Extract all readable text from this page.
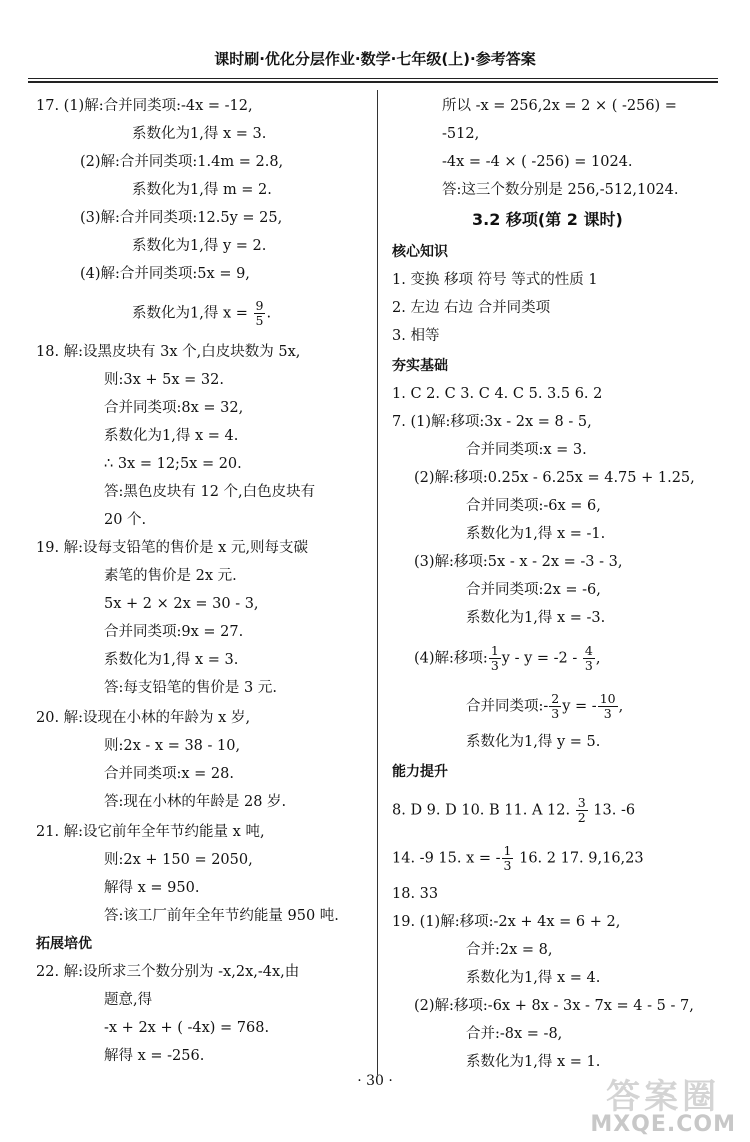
课时刷·优化分层作业·数学·七年级(上)·参考答案
17. (1)解:合并同类项:-4x = -12,
系数化为1,得 x = 3.
(2)解:合并同类项:1.4m = 2.8,
系数化为1,得 m = 2.
(3)解:合并同类项:12.5y = 25,
系数化为1,得 y = 2.
(4)解:合并同类项:5x = 9,
系数化为1,得 $x = \frac{9}{5}$ .
18. 解:设黑皮块有 3x 个,白皮块数为 5x,
则:3x + 5x = 32.
合并同类项:8x = 32,
系数化为1,得 x = 4.
∴ 3x = 12;5x = 20.
答:黑色皮块有 12 个,白色皮块有
20 个.
19. 解:设每支铅笔的售价是 x 元,则每支碳
素笔的售价是 2x 元.
5x + 2 × 2x = 30 - 3,
合并同类项:9x = 27.
系数化为1,得 x = 3.
答:每支铅笔的售价是 3 元.
20. 解:设现在小林的年龄为 x 岁,
则:2x - x = 38 - 10,
合并同类项:x = 28.
答:现在小林的年龄是 28 岁.
21. 解:设它前年全年节约能量 x 吨,
则:2x + 150 = 2050,
解得 x = 950.
答:该工厂前年全年节约能量 950 吨.
拓展培优
22. 解:设所求三个数分别为 -x,2x,-4x,由
题意,得
-x + 2x + ( -4x) = 768.
解得 x = -256.
所以 -x = 256,2x = 2 × ( -256) =
-512,
-4x = -4 × ( -256) = 1024.
答:这三个数分别是 256,-512,1024.
3.2 移项(第 2 课时)
核心知识
1. 变换 移项 符号 等式的性质 1
2. 左边 右边 合并同类项
3. 相等
夯实基础
1. C 2. C 3. C 4. C 5. 3.5 6. 2
7. (1)解:移项:3x - 2x = 8 - 5,
合并同类项:x = 3.
(2)解:移项:0.25x - 6.25x = 4.75 + 1.25,
合并同类项:-6x = 6,
系数化为1,得 x = -1.
(3)解:移项:5x - x - 2x = -3 - 3,
合并同类项:2x = -6,
系数化为1,得 x = -3.
(4)解:移项: $\frac{1}{3}$ $y - y = -2 - \frac{4}{3}$ ,
合并同类项:- $\frac{2}{3}$ y = - $\frac{10}{3}$ ,
系数化为1,得 y = 5.
能力提升
8. D 9. D 10. B 11. A 12. $\frac{3}{2} 13$. -6
14. -9 15. x = - $\frac{1}{3} 16$. 2 17. 9,16,23
18. 33
19. (1)解:移项:-2x + 4x = 6 + 2,
合并:2x = 8,
系数化为1,得 x = 4.
(2)解:移项:-6x + 8x - 3x - 7x = 4 - 5 - 7,
合并:-8x = -8,
系数化为1,得 x = 1.
· 30 ·	答案圈
MXQE.COM
